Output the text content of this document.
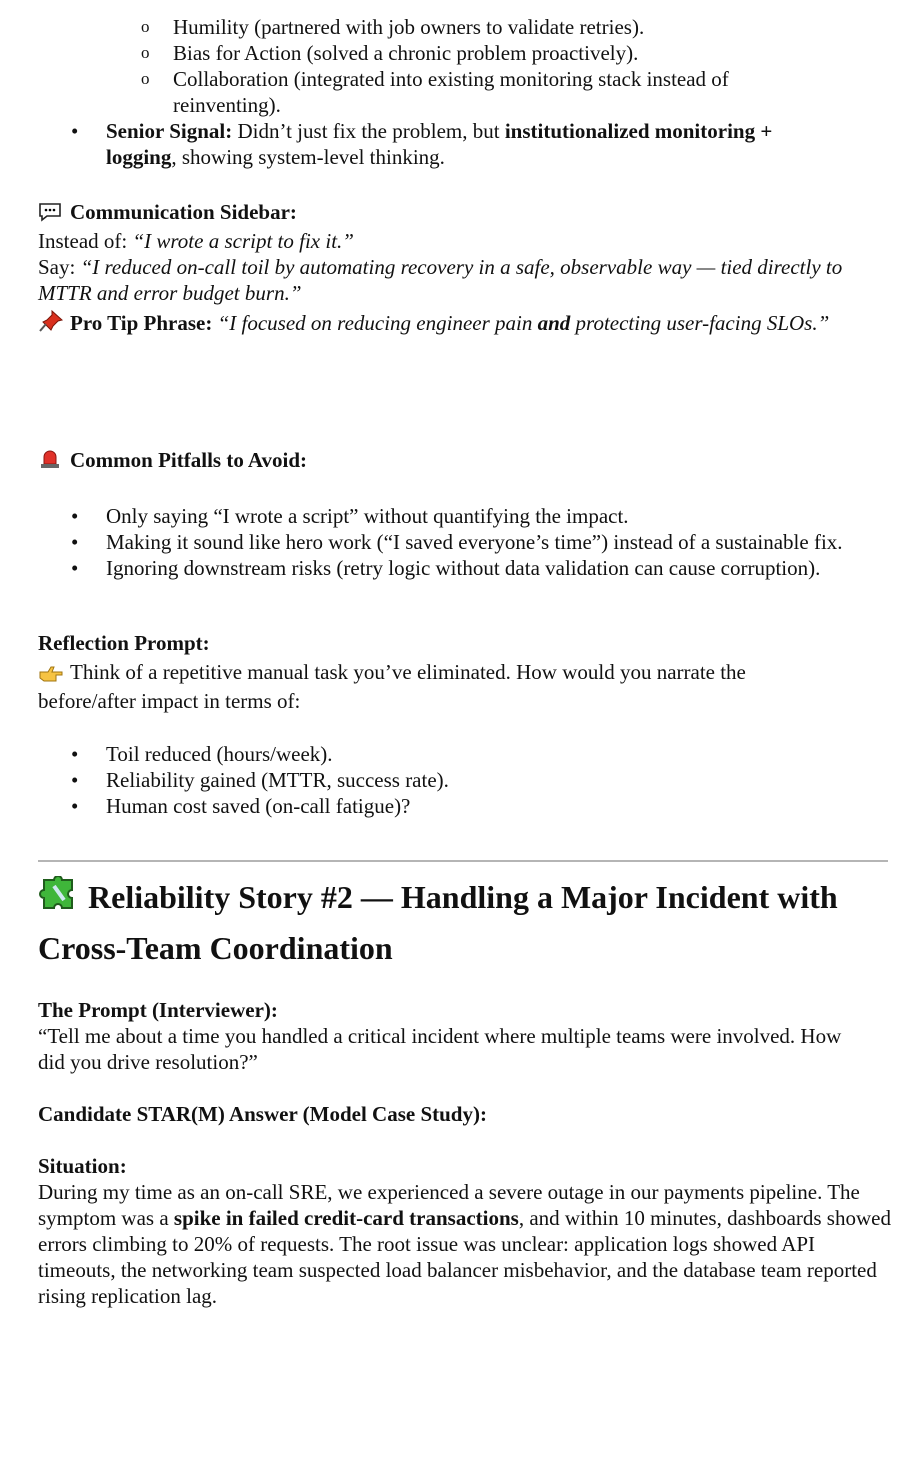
o Humility (partnered with job owners to validate retries).
o Bias for Action (solved a chronic problem proactively).
o Collaboration (integrated into existing monitoring stack instead of reinventing).
• Senior Signal: Didn’t just fix the problem, but institutionalized monitoring + logging, showing system-level thinking.
Communication Sidebar:
Instead of: “I wrote a script to fix it.”
Say: “I reduced on-call toil by automating recovery in a safe, observable way — tied directly to MTTR and error budget burn.”
Pro Tip Phrase: “I focused on reducing engineer pain and protecting user-facing SLOs.”
Common Pitfalls to Avoid:
• Only saying “I wrote a script” without quantifying the impact.
• Making it sound like hero work (“I saved everyone’s time”) instead of a sustainable fix.
• Ignoring downstream risks (retry logic without data validation can cause corruption).
Reflection Prompt:
Think of a repetitive manual task you’ve eliminated. How would you narrate the before/after impact in terms of:
• Toil reduced (hours/week).
• Reliability gained (MTTR, success rate).
• Human cost saved (on-call fatigue)?
Reliability Story #2 — Handling a Major Incident with Cross-Team Coordination
The Prompt (Interviewer):
“Tell me about a time you handled a critical incident where multiple teams were involved. How did you drive resolution?”
Candidate STAR(M) Answer (Model Case Study):
Situation:
During my time as an on-call SRE, we experienced a severe outage in our payments pipeline. The symptom was a spike in failed credit-card transactions, and within 10 minutes, dashboards showed errors climbing to 20% of requests. The root issue was unclear: application logs showed API timeouts, the networking team suspected load balancer misbehavior, and the database team reported rising replication lag.
